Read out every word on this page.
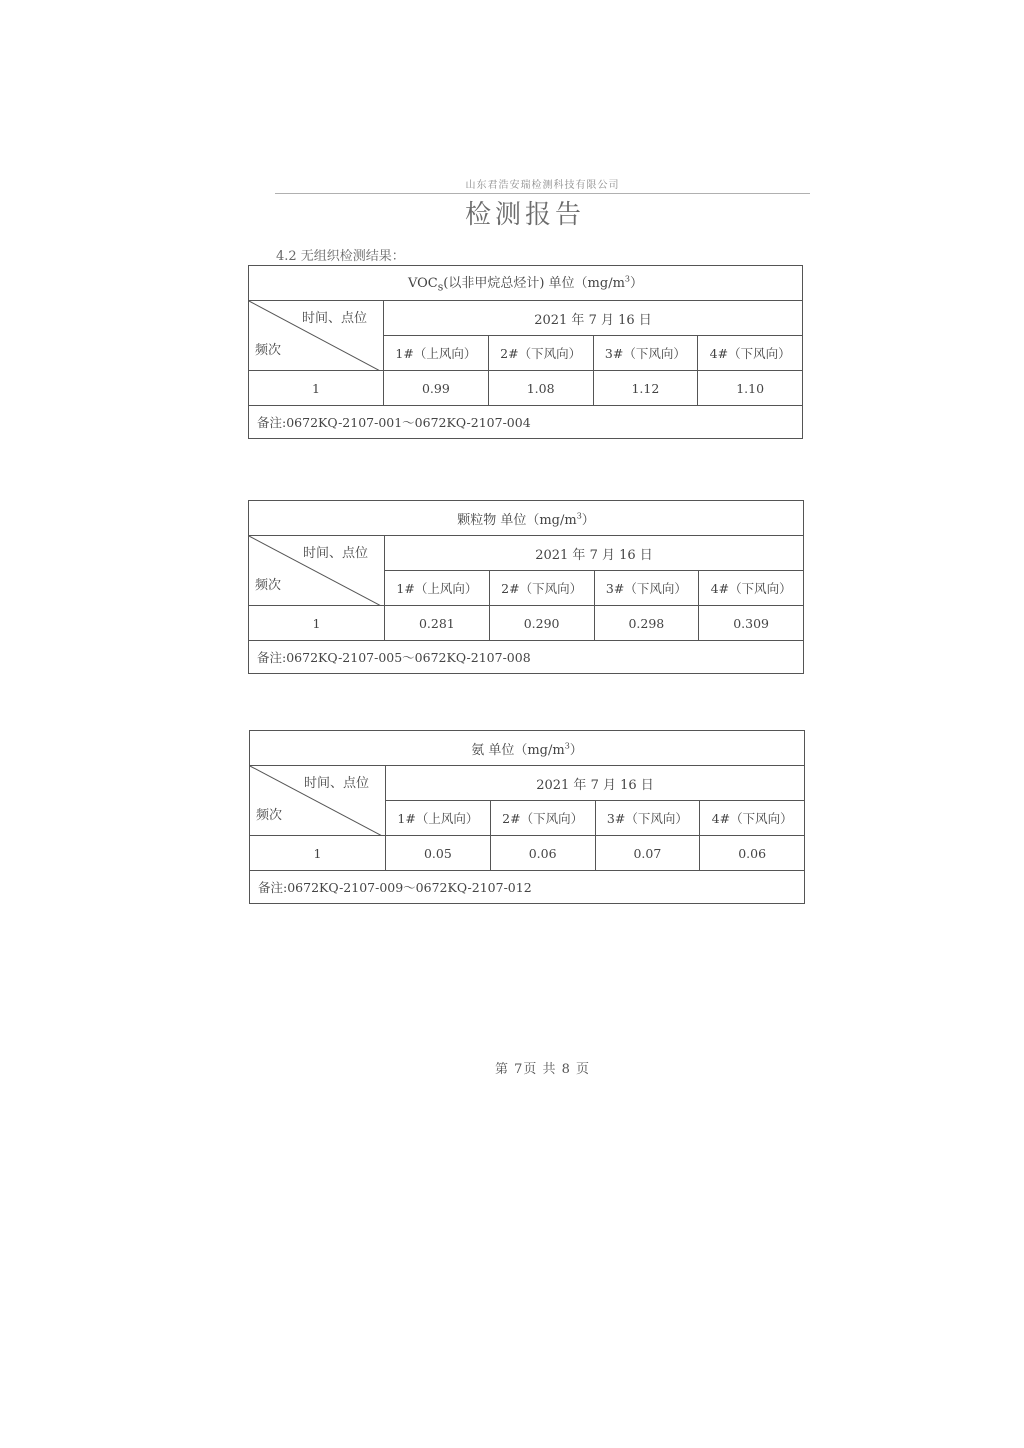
山东君浩安瑞检测科技有限公司
检测报告
4.2 无组织检测结果：
$VOC_s$(以非甲烷总烃计) 单位$(mg/m^3)$				

时间、点位
频次	2021 年 7 月 16 日			
	1#（上风向）	2#（下风向）	3#（下风向）	4#（下风向）
1	0.99	1.08	1.12	1.10
备注:0672KQ-2107-001～0672KQ-2107-004				
颗粒物 单位$(mg/m^3)$				

时间、点位
频次	2021 年 7 月 16 日			
	1#（上风向）	2#（下风向）	3#（下风向）	4#（下风向）
1	0.281	0.290	0.298	0.309
备注:0672KQ-2107-005～0672KQ-2107-008				
氨 单位$(mg/m^3)$				

时间、点位
频次	2021 年 7 月 16 日			
	1#（上风向）	2#（下风向）	3#（下风向）	4#（下风向）
1	0.05	0.06	0.07	0.06
备注:0672KQ-2107-009～0672KQ-2107-012				
第 7页 共 8 页
